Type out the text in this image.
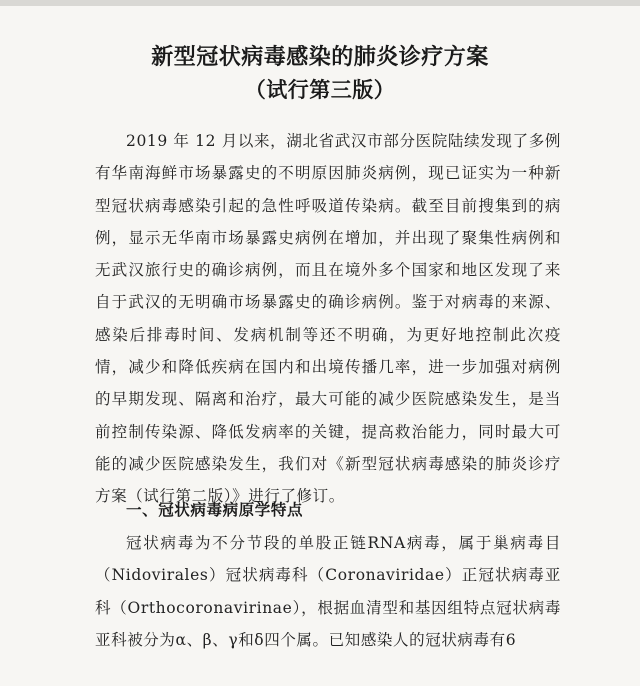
新型冠状病毒感染的肺炎诊疗方案
（试行第三版）
2019 年 12 月以来，湖北省武汉市部分医院陆续发现了多例有华南海鲜市场暴露史的不明原因肺炎病例，现已证实为一种新型冠状病毒感染引起的急性呼吸道传染病。截至目前搜集到的病例，显示无华南市场暴露史病例在增加，并出现了聚集性病例和无武汉旅行史的确诊病例，而且在境外多个国家和地区发现了来自于武汉的无明确市场暴露史的确诊病例。鉴于对病毒的来源、感染后排毒时间、发病机制等还不明确，为更好地控制此次疫情，减少和降低疾病在国内和出境传播几率，进一步加强对病例的早期发现、隔离和治疗，最大可能的减少医院感染发生，是当前控制传染源、降低发病率的关键，提高救治能力，同时最大可能的减少医院感染发生，我们对《新型冠状病毒感染的肺炎诊疗方案（试行第二版）》进行了修订。
一、冠状病毒病原学特点
冠状病毒为不分节段的单股正链RNA病毒，属于巢病毒目（Nidovirales）冠状病毒科（Coronaviridae）正冠状病毒亚科（Orthocoronavirinae），根据血清型和基因组特点冠状病毒亚科被分为α、β、γ和δ四个属。已知感染人的冠状病毒有6
